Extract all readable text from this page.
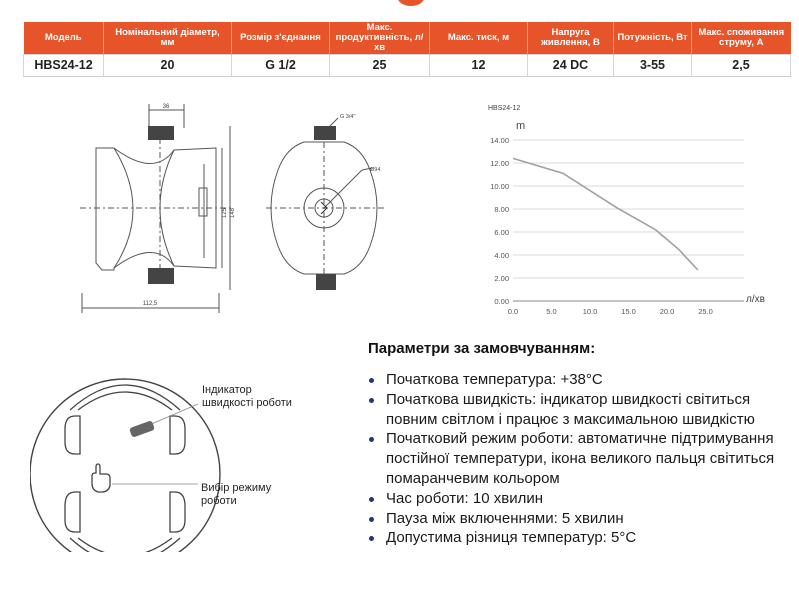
Модель	Номінальний діаметр, мм	Розмір з'єднання	Макс. продуктивність, л/хв	Макс. тиск, м	Напруга живлення, В	Потужність, Вт	Макс. споживання струму, А
HBS24-12	20	G 1/2	25	12	24 DC	3-55	2,5
36
112,5
125 148
G 3/4"
Ø94
0.00
2.00
4.00
6.00
8.00
10.00
12.00
14.00
0.0	5.0	10.0	15.0	20.0	25.0
HBS24-12
m
л/хв
Індикатор
швидкості роботи
Вибір режиму
роботи
Параметри за замовчуванням:
Початкова температура: +38°C
Початкова швидкість: індикатор швидкості світиться повним світлом і працює з максимальною швидкістю
Початковий режим роботи: автоматичне підтримування постійної температури, ікона великого пальця світиться помаранчевим кольором
Час роботи: 10 хвилин
Пауза між включеннями: 5 хвилин
Допустима різниця температур: 5°C
